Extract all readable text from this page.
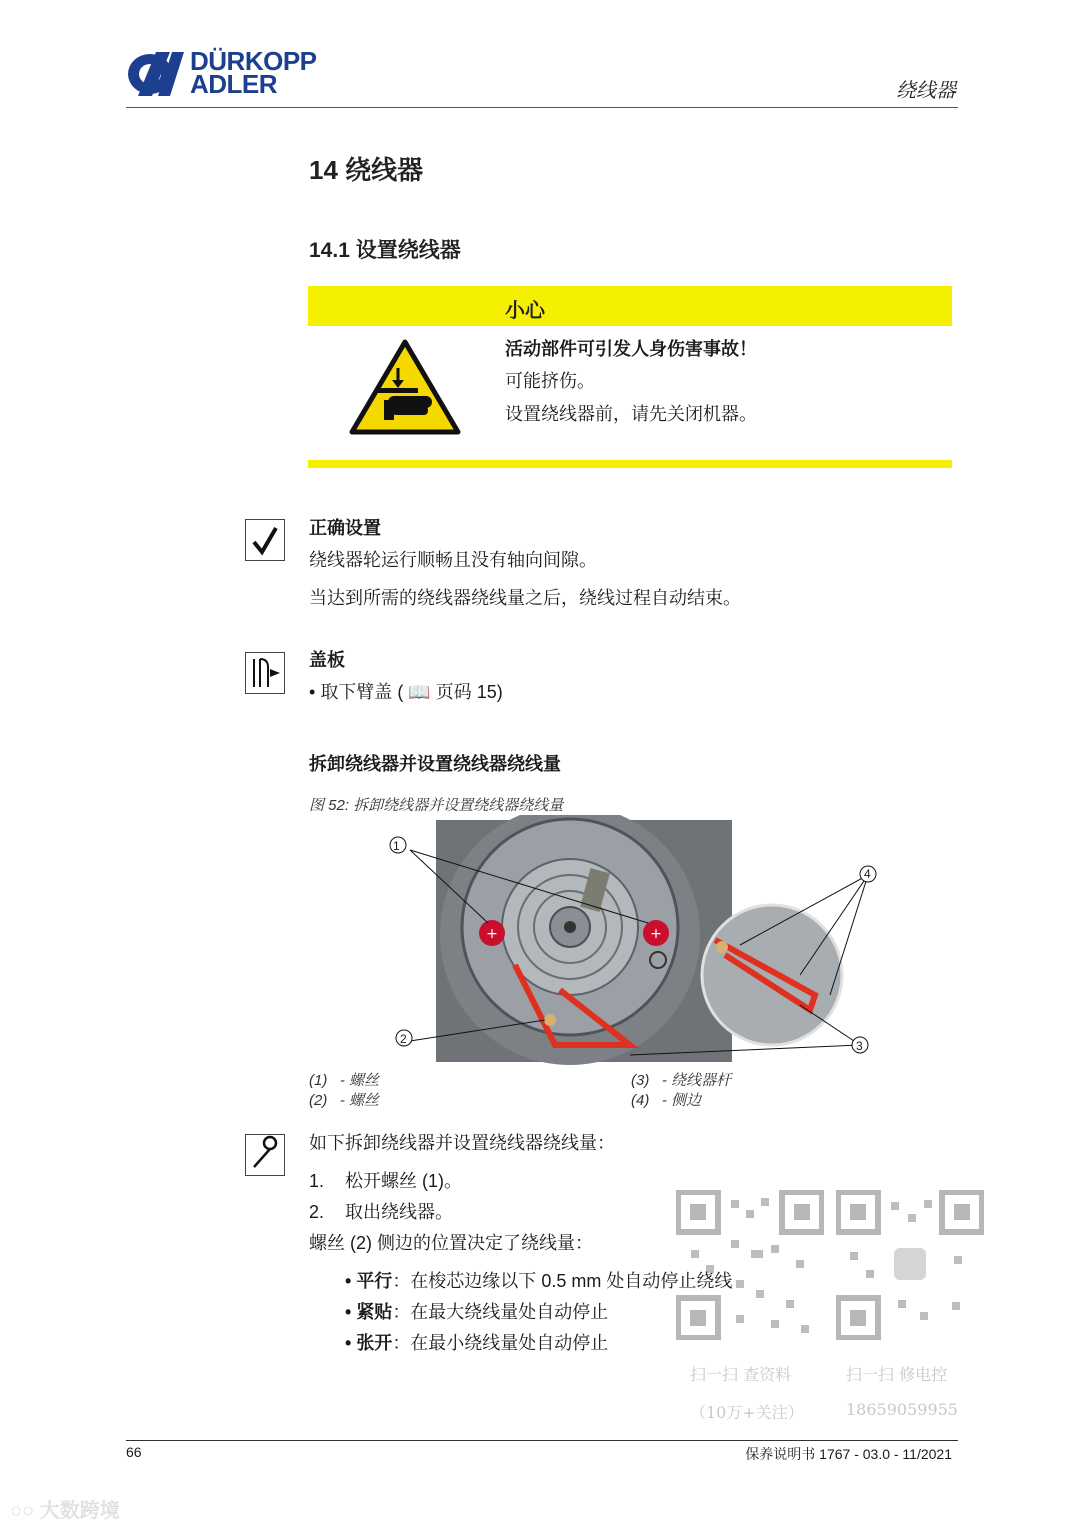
DÜRKOPP
ADLER	绕线器
14 绕线器
14.1 设置绕线器
小心
活动部件可引发人身伤害事故！
可能挤伤。
设置绕线器前，请先关闭机器。
正确设置
绕线器轮运行顺畅且没有轴向间隙。
当达到所需的绕线器绕线量之后，绕线过程自动结束。
盖板
• 取下臂盖 ( 📖 页码 15)
拆卸绕线器并设置绕线器绕线量
图 52: 拆卸绕线器并设置绕线器绕线量
+	+
1
2	3
4
(1) - 螺丝
(2) - 螺丝
(3) - 绕线器杆
(4) - 侧边
如下拆卸绕线器并设置绕线器绕线量：
1. 松开螺丝 (1)。
2. 取出绕线器。
螺丝 (2) 侧边的位置决定了绕线量：
• 平行：在梭芯边缘以下 0.5 mm 处自动停止绕线
• 紧贴：在最大绕线量处自动停止
• 张开：在最小绕线量处自动停止
扫一扫 查资料
（10万+关注）
扫一扫 修电控
18659059955
66	保养说明书 1767 - 03.0 - 11/2021
○○ 大数跨境
